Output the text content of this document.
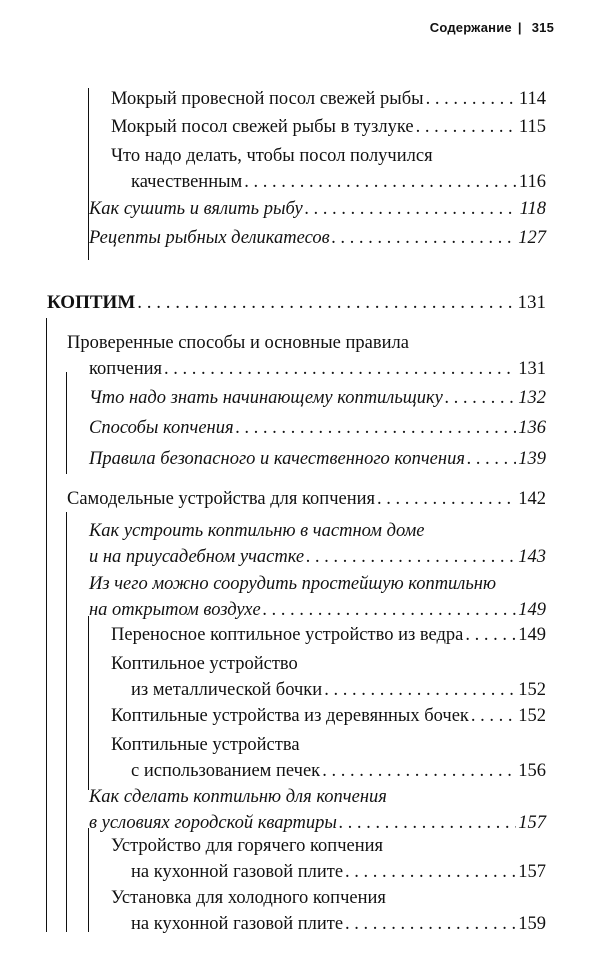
Содержание | 315
Мокрый провесной посол свежей рыбы . . .	114
Мокрый посол свежей рыбы в тузлуке . . .	115
Что надо делать, чтобы посол получился
качественным . . .	116
Как сушить и вялить рыбу . . .	118
Рецепты рыбных деликатесов . . .	127
КОПТИМ . . .	131
Проверенные способы и основные правила
копчения . . .	131
Что надо знать начинающему коптильщику . . .	132
Способы копчения . . .	136
Правила безопасного и качественного копчения . . .	139
Самодельные устройства для копчения . . .	142
Как устроить коптильню в частном доме
и на приусадебном участке . . .	143
Из чего можно соорудить простейшую коптильню
на открытом воздухе . . .	149
Переносное коптильное устройство из ведра . . .	149
Коптильное устройство
из металлической бочки . . .	152
Коптильные устройства из деревянных бочек . . .	152
Коптильные устройства
с использованием печек . . .	156
Как сделать коптильню для копчения
в условиях городской квартиры . . .	157
Устройство для горячего копчения
на кухонной газовой плите . . .	157
Установка для холодного копчения
на кухонной газовой плите . . .	159
